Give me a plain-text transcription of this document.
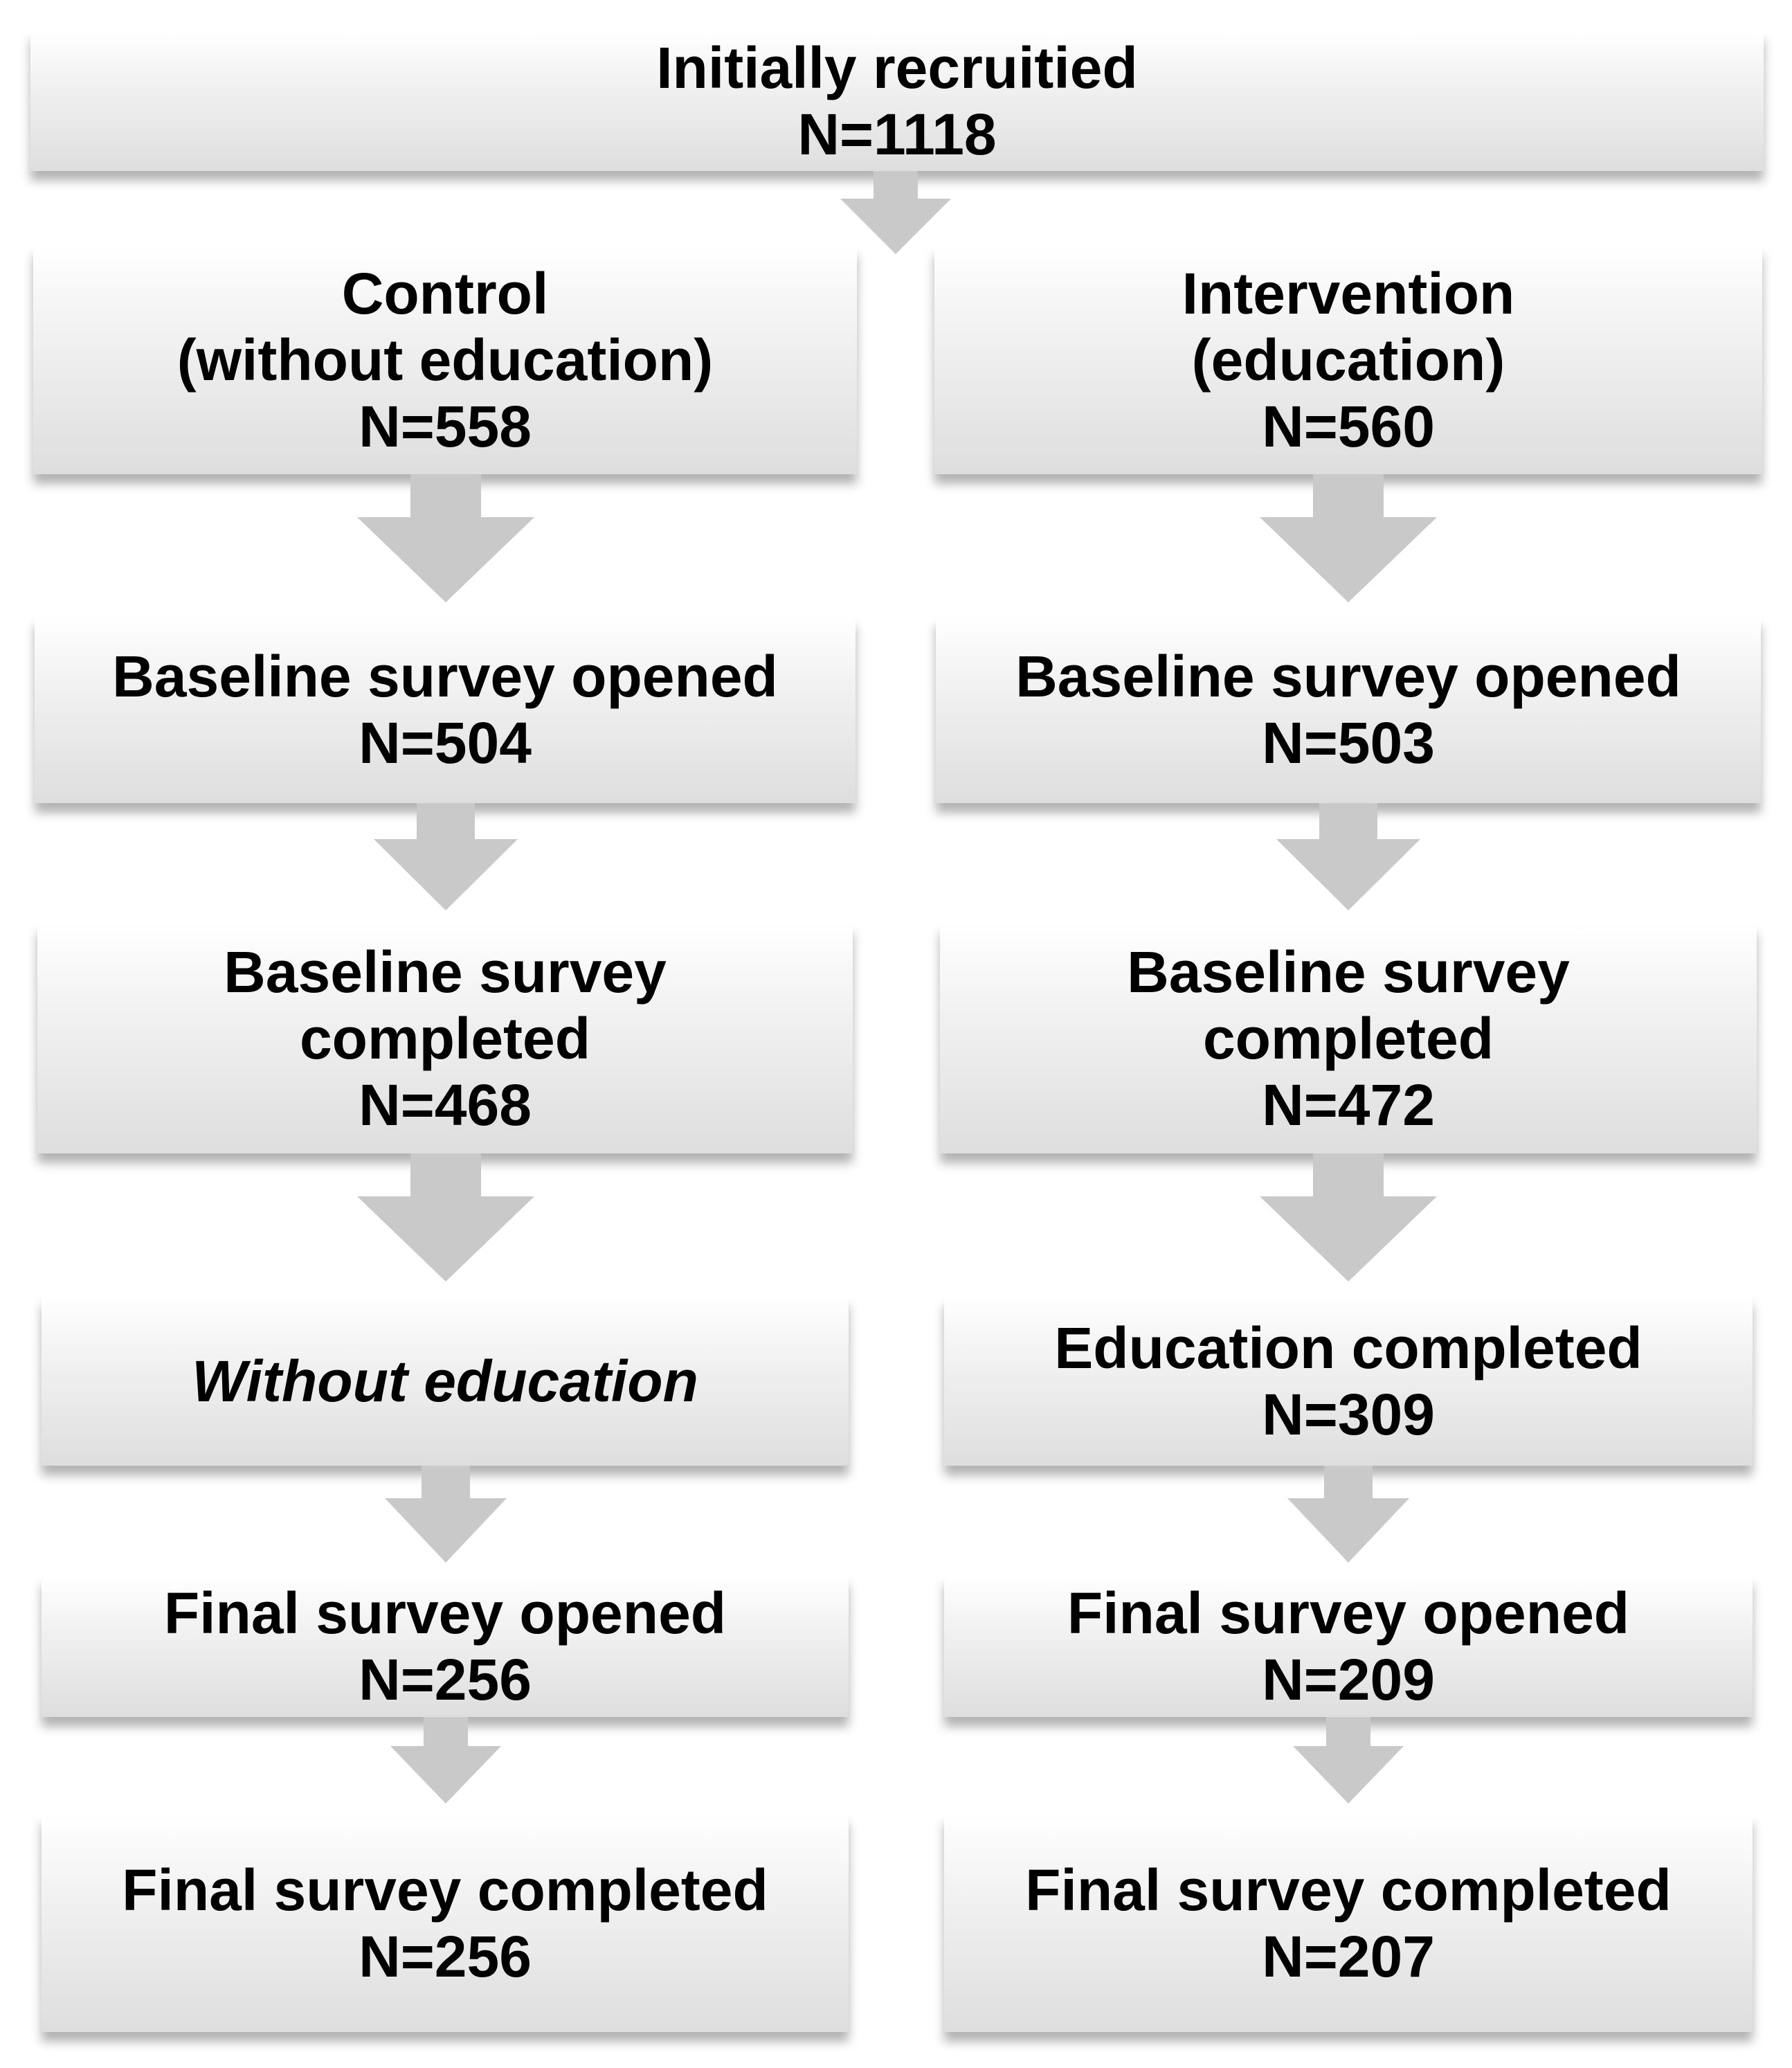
Initially recruitied
N=1118
Control
(without education)
N=558
Baseline survey opened
N=504
Baseline survey
completed
N=468
Without education
Final survey opened
N=256
Final survey completed
N=256
Intervention
(education)
N=560
Baseline survey opened
N=503
Baseline survey
completed
N=472
Education completed
N=309
Final survey opened
N=209
Final survey completed
N=207
